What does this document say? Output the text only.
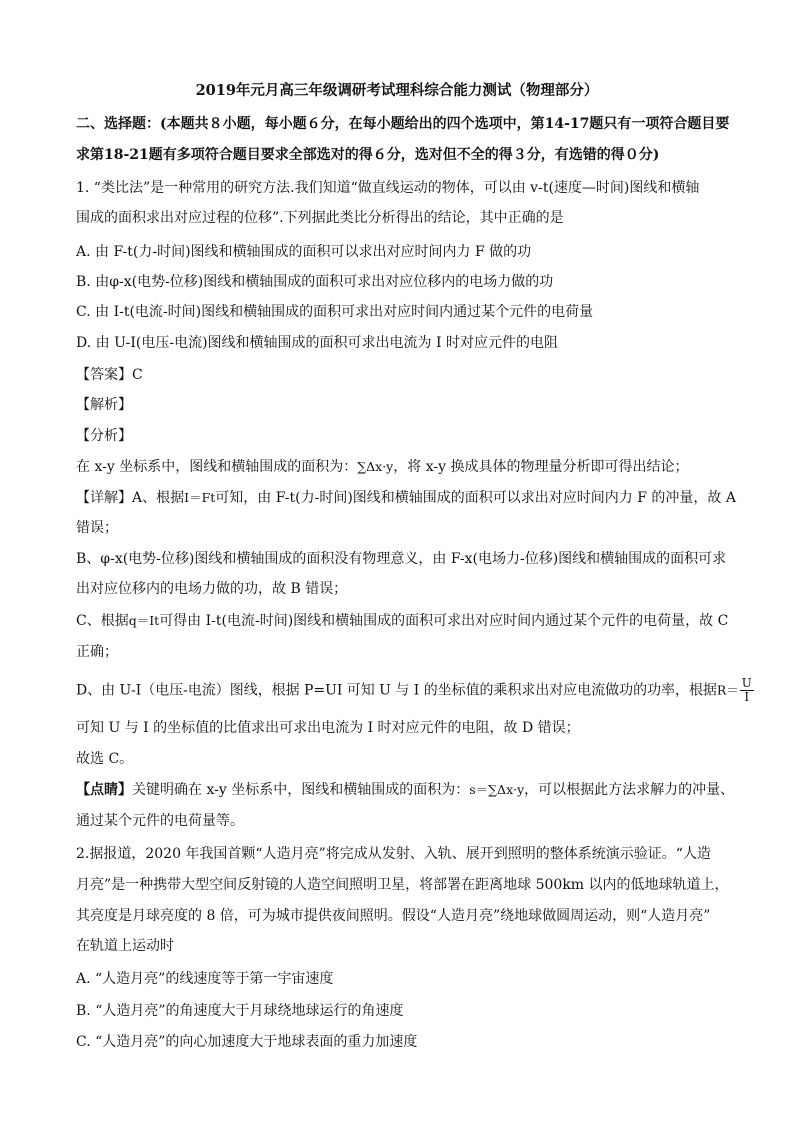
2019年元月高三年级调研考试理科综合能力测试（物理部分）
二、选择题：(本题共８小题，每小题６分，在每小题给出的四个选项中，第14-17题只有一项符合题目要
求第18-21题有多项符合题目要求全部选对的得６分，选对但不全的得３分，有选错的得０分)
1. “类比法”是一种常用的研究方法.我们知道“做直线运动的物体，可以由 v-t(速度—时间)图线和横轴
围成的面积求出对应过程的位移”.下列据此类比分析得出的结论，其中正确的是
A. 由 F-t(力-时间)图线和横轴围成的面积可以求出对应时间内力 F 做的功
B. 由φ-x(电势-位移)图线和横轴围成的面积可求出对应位移内的电场力做的功
C. 由 I-t(电流-时间)图线和横轴围成的面积可求出对应时间内通过某个元件的电荷量
D. 由 U-I(电压-电流)图线和横轴围成的面积可求出电流为 I 时对应元件的电阻
【答案】C
【解析】
【分析】
在 x-y 坐标系中，图线和横轴围成的面积为：∑Δx·y，将 x-y 换成具体的物理量分析即可得出结论；
【详解】A、根据I＝Ft可知，由 F-t(力-时间)图线和横轴围成的面积可以求出对应时间内力 F 的冲量，故 A
错误；
B、φ-x(电势-位移)图线和横轴围成的面积没有物理意义，由 F-x(电场力-位移)图线和横轴围成的面积可求
出对应位移内的电场力做的功，故 B 错误；
C、根据q＝It可得由 I-t(电流-时间)图线和横轴围成的面积可求出对应时间内通过某个元件的电荷量，故 C
正确；
D、由 U-I（电压-电流）图线，根据 P=UI 可知 U 与 I 的坐标值的乘积求出对应电流做功的功率，根据$R= \frac{U}{I}$
可知 U 与 I 的坐标值的比值求出可求出电流为 I 时对应元件的电阻，故 D 错误；
故选 C。
【点睛】关键明确在 x-y 坐标系中，图线和横轴围成的面积为：s＝∑Δx·y，可以根据此方法求解力的冲量、
通过某个元件的电荷量等。
2.据报道，2020 年我国首颗“人造月亮”将完成从发射、入轨、展开到照明的整体系统演示验证。“人造
月亮”是一种携带大型空间反射镜的人造空间照明卫星，将部署在距离地球 500km 以内的低地球轨道上，
其亮度是月球亮度的 8 倍，可为城市提供夜间照明。假设“人造月亮”绕地球做圆周运动，则“人造月亮”
在轨道上运动时
A. “人造月亮”的线速度等于第一宇宙速度
B. “人造月亮”的角速度大于月球绕地球运行的角速度
C. “人造月亮”的向心加速度大于地球表面的重力加速度
